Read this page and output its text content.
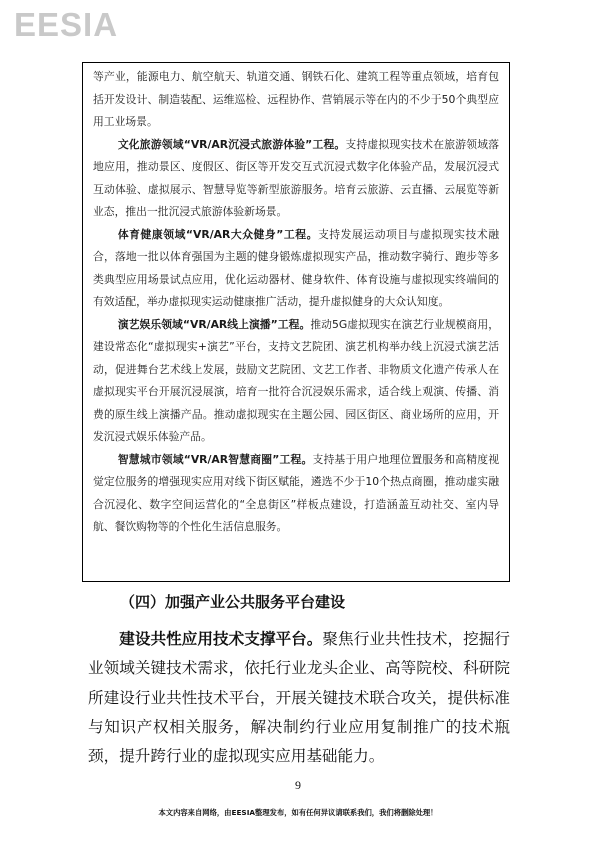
EESIA

等产业，能源电力、航空航天、轨道交通、钢铁石化、建筑工程等重点领域，培育包括开发设计、制造装配、运维巡检、远程协作、营销展示等在内的不少于50个典型应用工业场景。

文化旅游领域“VR/AR沉浸式旅游体验”工程。支持虚拟现实技术在旅游领域落地应用，推动景区、度假区、街区等开发交互式沉浸式数字化体验产品，发展沉浸式互动体验、虚拟展示、智慧导览等新型旅游服务。培育云旅游、云直播、云展览等新业态，推出一批沉浸式旅游体验新场景。

体育健康领域“VR/AR大众健身”工程。支持发展运动项目与虚拟现实技术融合，落地一批以体育强国为主题的健身锻炼虚拟现实产品，推动数字骑行、跑步等多类典型应用场景试点应用，优化运动器材、健身软件、体育设施与虚拟现实终端间的有效适配，举办虚拟现实运动健康推广活动，提升虚拟健身的大众认知度。

演艺娱乐领域“VR/AR线上演播”工程。推动5G虚拟现实在演艺行业规模商用，建设常态化“虚拟现实+演艺”平台，支持文艺院团、演艺机构举办线上沉浸式演艺活动，促进舞台艺术线上发展，鼓励文艺院团、文艺工作者、非物质文化遗产传承人在虚拟现实平台开展沉浸展演，培育一批符合沉浸娱乐需求，适合线上观演、传播、消费的原生线上演播产品。推动虚拟现实在主题公园、园区街区、商业场所的应用，开发沉浸式娱乐体验产品。

智慧城市领域“VR/AR智慧商圈”工程。支持基于用户地理位置服务和高精度视觉定位服务的增强现实应用对线下街区赋能，遴选不少于10个热点商圈，推动虚实融合沉浸化、数字空间运营化的“全息街区”样板点建设，打造涵盖互动社交、室内导航、餐饮购物等的个性化生活信息服务。

（四）加强产业公共服务平台建设

建设共性应用技术支撑平台。聚焦行业共性技术，挖掘行业领域关键技术需求，依托行业龙头企业、高等院校、科研院所建设行业共性技术平台，开展关键技术联合攻关，提供标准与知识产权相关服务，解决制约行业应用复制推广的技术瓶颈，提升跨行业的虚拟现实应用基础能力。

9
本文内容来自网络，由EESIA整理发布，如有任何异议请联系我们，我们将删除处理！
